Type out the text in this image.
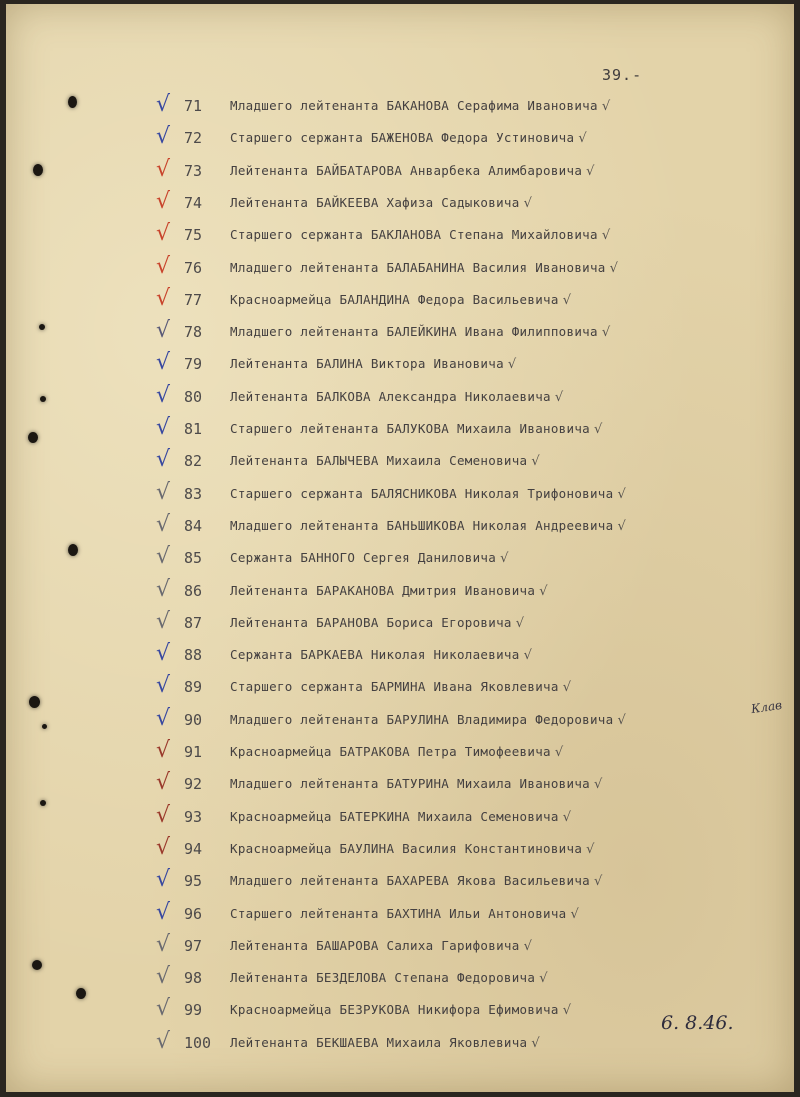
39.-
√ 71 Младшего лейтенанта БАКАНОВА Серафима Ивановича √
√ 72 Старшего сержанта БАЖЕНОВА Федора Устиновича √
√ 73 Лейтенанта БАЙБАТАРОВА Анварбека Алимбаровича √
√ 74 Лейтенанта БАЙКЕЕВА Хафиза Садыковича √
√ 75 Старшего сержанта БАКЛАНОВА Степана Михайловича √
√ 76 Младшего лейтенанта БАЛАБАНИНА Василия Ивановича √
√ 77 Красноармейца БАЛАНДИНА Федора Васильевича √
√ 78 Младшего лейтенанта БАЛЕЙКИНА Ивана Филипповича √
√ 79 Лейтенанта БАЛИНА Виктора Ивановича √
√ 80 Лейтенанта БАЛКОВА Александра Николаевича √
√ 81 Старшего лейтенанта БАЛУКОВА Михаила Ивановича √
√ 82 Лейтенанта БАЛЫЧЕВА Михаила Семеновича √
√ 83 Старшего сержанта БАЛЯСНИКОВА Николая Трифоновича √
√ 84 Младшего лейтенанта БАНЬШИКОВА Николая Андреевича √
√ 85 Сержанта БАННОГО Сергея Даниловича √
√ 86 Лейтенанта БАРАКАНОВА Дмитрия Ивановича √
√ 87 Лейтенанта БАРАНОВА Бориса Егоровича √
√ 88 Сержанта БАРКАЕВА Николая Николаевича √
√ 89 Старшего сержанта БАРМИНА Ивана Яковлевича √
√ 90 Младшего лейтенанта БАРУЛИНА Владимира Федоровича √
√ 91 Красноармейца БАТРАКОВА Петра Тимофеевича √
√ 92 Младшего лейтенанта БАТУРИНА Михаила Ивановича √
√ 93 Красноармейца БАТЕРКИНА Михаила Семеновича √
√ 94 Красноармейца БАУЛИНА Василия Константиновича √
√ 95 Младшего лейтенанта БАХАРЕВА Якова Васильевича √
√ 96 Старшего лейтенанта БАХТИНА Ильи Антоновича √
√ 97 Лейтенанта БАШАРОВА Салиха Гарифовича √
√ 98 Лейтенанта БЕЗДЕЛОВА Степана Федоровича √
√ 99 Красноармейца БЕЗРУКОВА Никифора Ефимовича √
√ 100 Лейтенанта БЕКШАЕВА Михаила Яковлевича √
Клав
6. 8.46.
